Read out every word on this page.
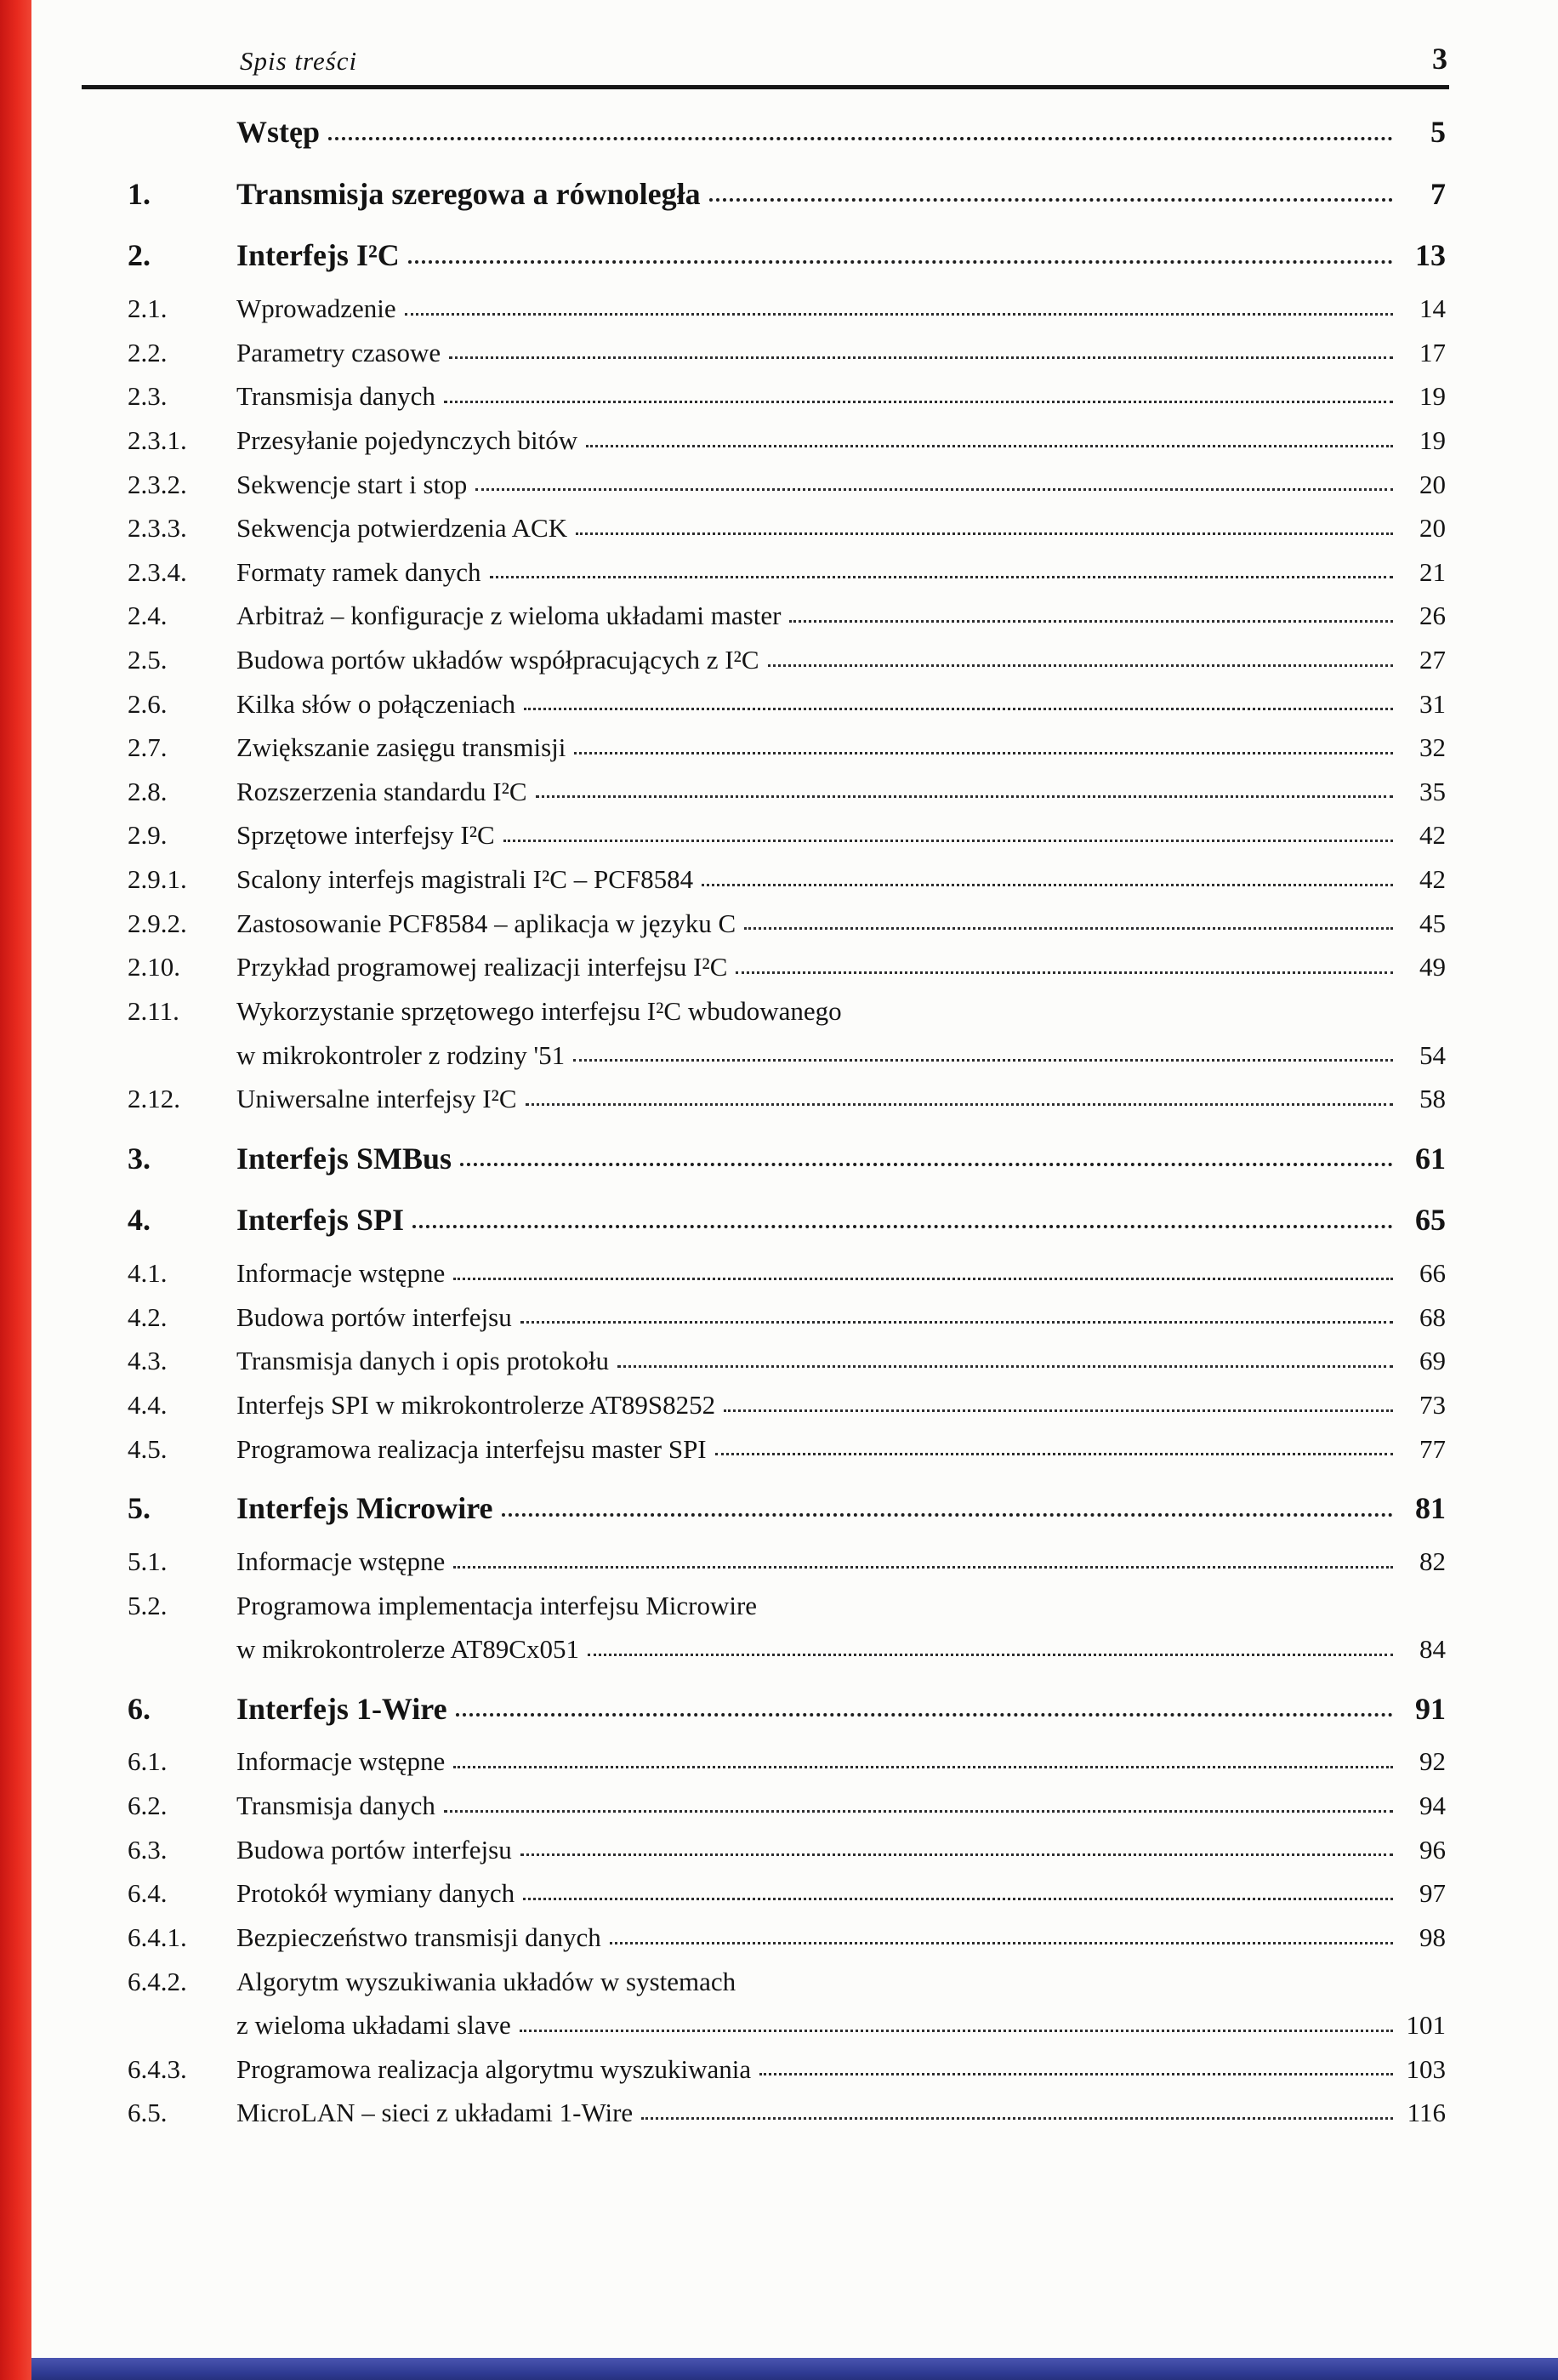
Spis treści	3
Wstęp	5
1.	Transmisja szeregowa a równoległa	7
2.	Interfejs I²C	13
2.1.	Wprowadzenie	14
2.2.	Parametry czasowe	17
2.3.	Transmisja danych	19
2.3.1.	Przesyłanie pojedynczych bitów	19
2.3.2.	Sekwencje start i stop	20
2.3.3.	Sekwencja potwierdzenia ACK	20
2.3.4.	Formaty ramek danych	21
2.4.	Arbitraż – konfiguracje z wieloma układami master	26
2.5.	Budowa portów układów współpracujących z I²C	27
2.6.	Kilka słów o połączeniach	31
2.7.	Zwiększanie zasięgu transmisji	32
2.8.	Rozszerzenia standardu I²C	35
2.9.	Sprzętowe interfejsy I²C	42
2.9.1.	Scalony interfejs magistrali I²C – PCF8584	42
2.9.2.	Zastosowanie PCF8584 – aplikacja w języku C	45
2.10.	Przykład programowej realizacji interfejsu I²C	49
2.11.	Wykorzystanie sprzętowego interfejsu I²C wbudowanego
w mikrokontroler z rodziny '51	54
2.12.	Uniwersalne interfejsy I²C	58
3.	Interfejs SMBus	61
4.	Interfejs SPI	65
4.1.	Informacje wstępne	66
4.2.	Budowa portów interfejsu	68
4.3.	Transmisja danych i opis protokołu	69
4.4.	Interfejs SPI w mikrokontrolerze AT89S8252	73
4.5.	Programowa realizacja interfejsu master SPI	77
5.	Interfejs Microwire	81
5.1.	Informacje wstępne	82
5.2.	Programowa implementacja interfejsu Microwire
w mikrokontrolerze AT89Cx051	84
6.	Interfejs 1-Wire	91
6.1.	Informacje wstępne	92
6.2.	Transmisja danych	94
6.3.	Budowa portów interfejsu	96
6.4.	Protokół wymiany danych	97
6.4.1.	Bezpieczeństwo transmisji danych	98
6.4.2.	Algorytm wyszukiwania układów w systemach
z wieloma układami slave	101
6.4.3.	Programowa realizacja algorytmu wyszukiwania	103
6.5.	MicroLAN – sieci z układami 1-Wire	116
